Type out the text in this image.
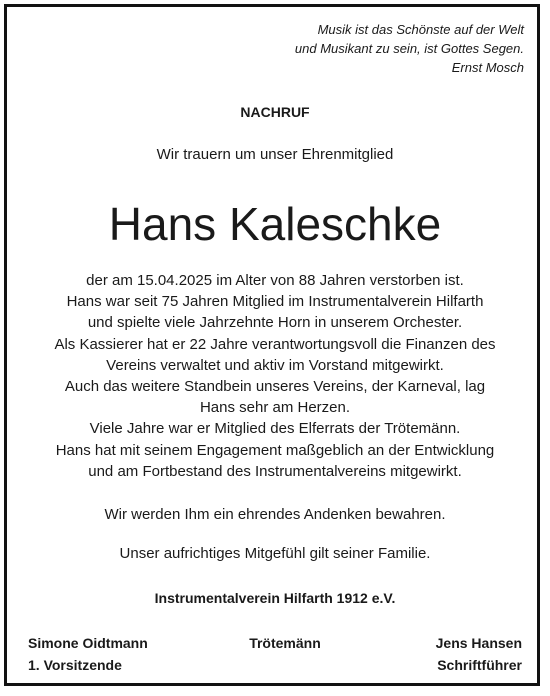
Musik ist das Schönste auf der Welt
und Musikant zu sein, ist Gottes Segen.
Ernst Mosch
NACHRUF
Wir trauern um unser Ehrenmitglied
Hans Kaleschke
der am 15.04.2025 im Alter von 88 Jahren verstorben ist.
Hans war seit 75 Jahren Mitglied im Instrumentalverein Hilfarth
und spielte viele Jahrzehnte Horn in unserem Orchester.
Als Kassierer hat er 22 Jahre verantwortungsvoll die Finanzen des
Vereins verwaltet und aktiv im Vorstand mitgewirkt.
Auch das weitere Standbein unseres Vereins, der Karneval, lag
Hans sehr am Herzen.
Viele Jahre war er Mitglied des Elferrats der Trötemänn.
Hans hat mit seinem Engagement maßgeblich an der Entwicklung
und am Fortbestand des Instrumentalvereins mitgewirkt.
Wir werden Ihm ein ehrendes Andenken bewahren.
Unser aufrichtiges Mitgefühl gilt seiner Familie.
Instrumentalverein Hilfarth 1912 e.V.
Simone Oidtmann
1. Vorsitzende
Trötemänn	Jens Hansen
Schriftführer
